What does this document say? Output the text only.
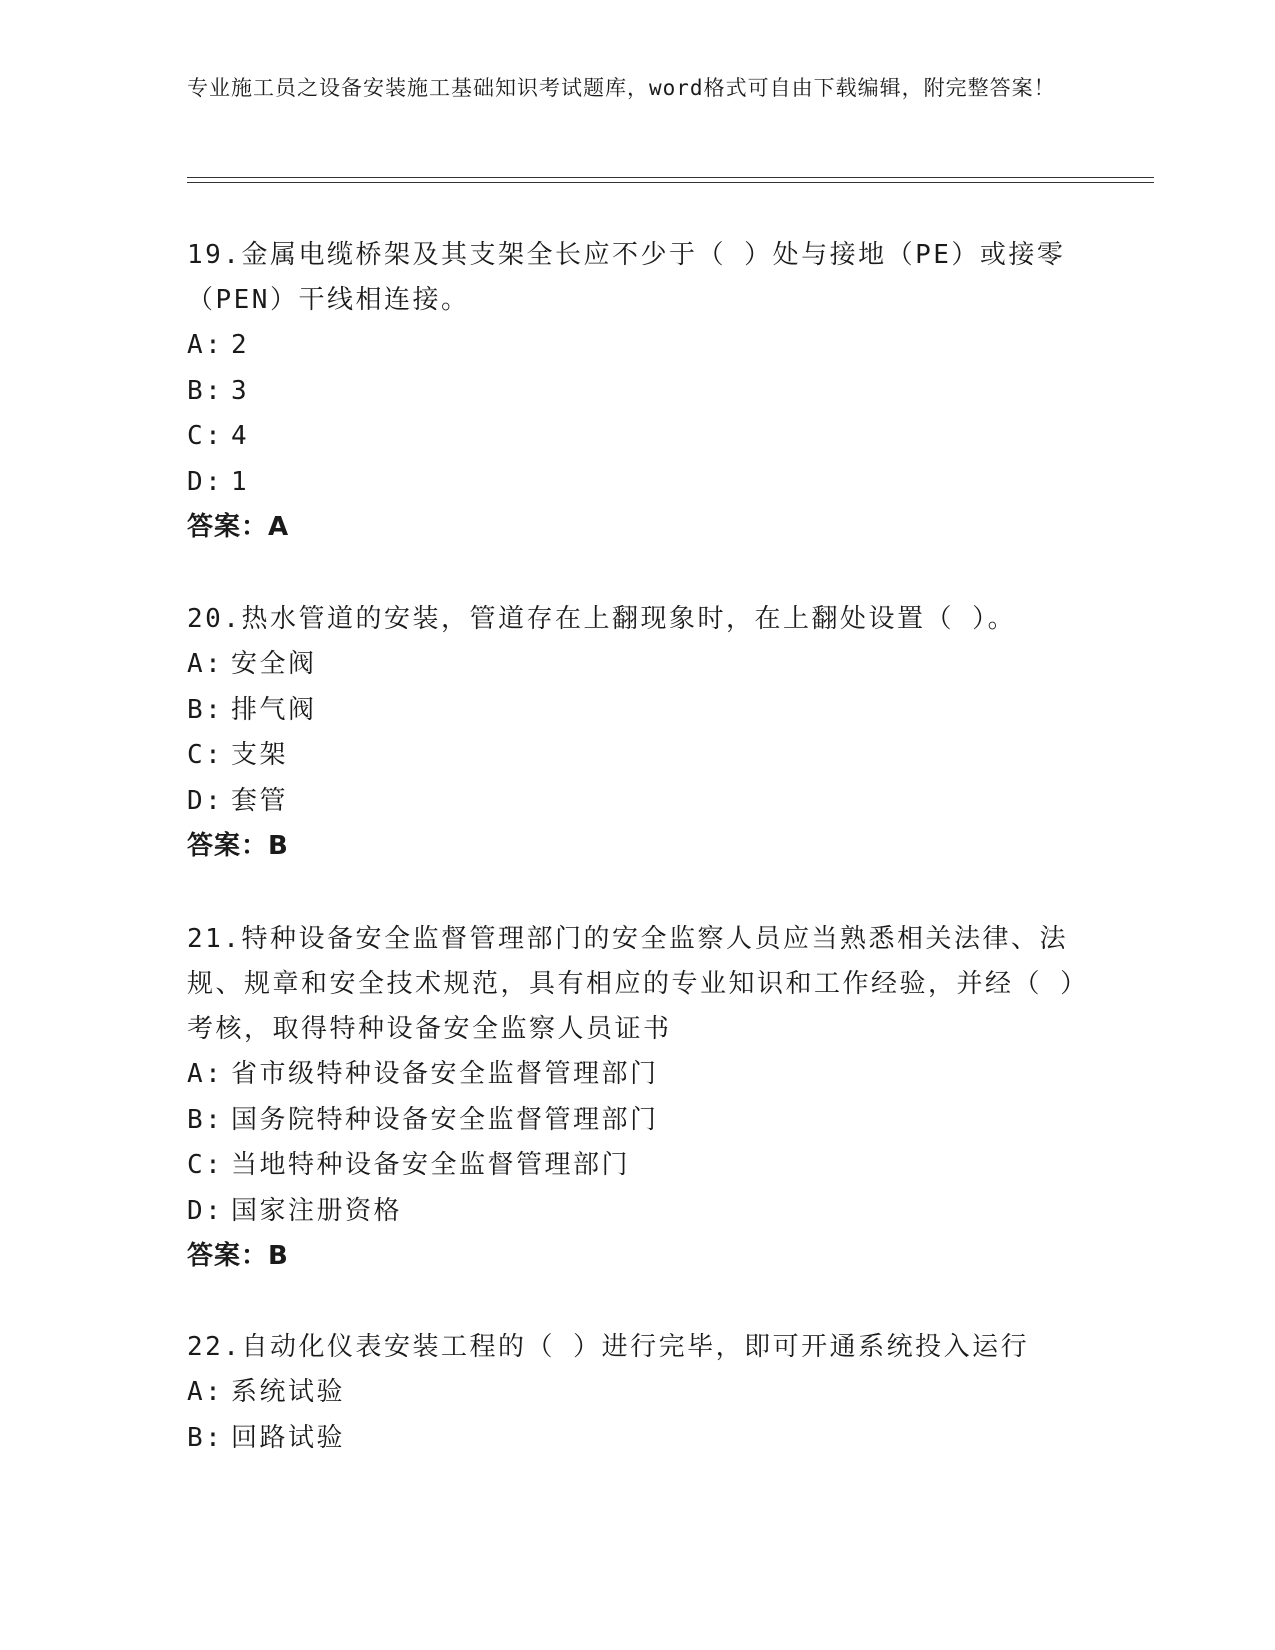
专业施工员之设备安装施工基础知识考试题库，word格式可自由下载编辑，附完整答案！
19.金属电缆桥架及其支架全长应不少于（ ）处与接地（PE）或接零（PEN）干线相连接。
A: 2
B: 3
C: 4
D: 1
答案：A
20.热水管道的安装，管道存在上翻现象时，在上翻处设置（ ）。
A: 安全阀
B: 排气阀
C: 支架
D: 套管
答案：B
21.特种设备安全监督管理部门的安全监察人员应当熟悉相关法律、法规、规章和安全技术规范，具有相应的专业知识和工作经验，并经（ ）考核，取得特种设备安全监察人员证书
A: 省市级特种设备安全监督管理部门
B: 国务院特种设备安全监督管理部门
C: 当地特种设备安全监督管理部门
D: 国家注册资格
答案：B
22.自动化仪表安装工程的（ ）进行完毕，即可开通系统投入运行
A: 系统试验
B: 回路试验
